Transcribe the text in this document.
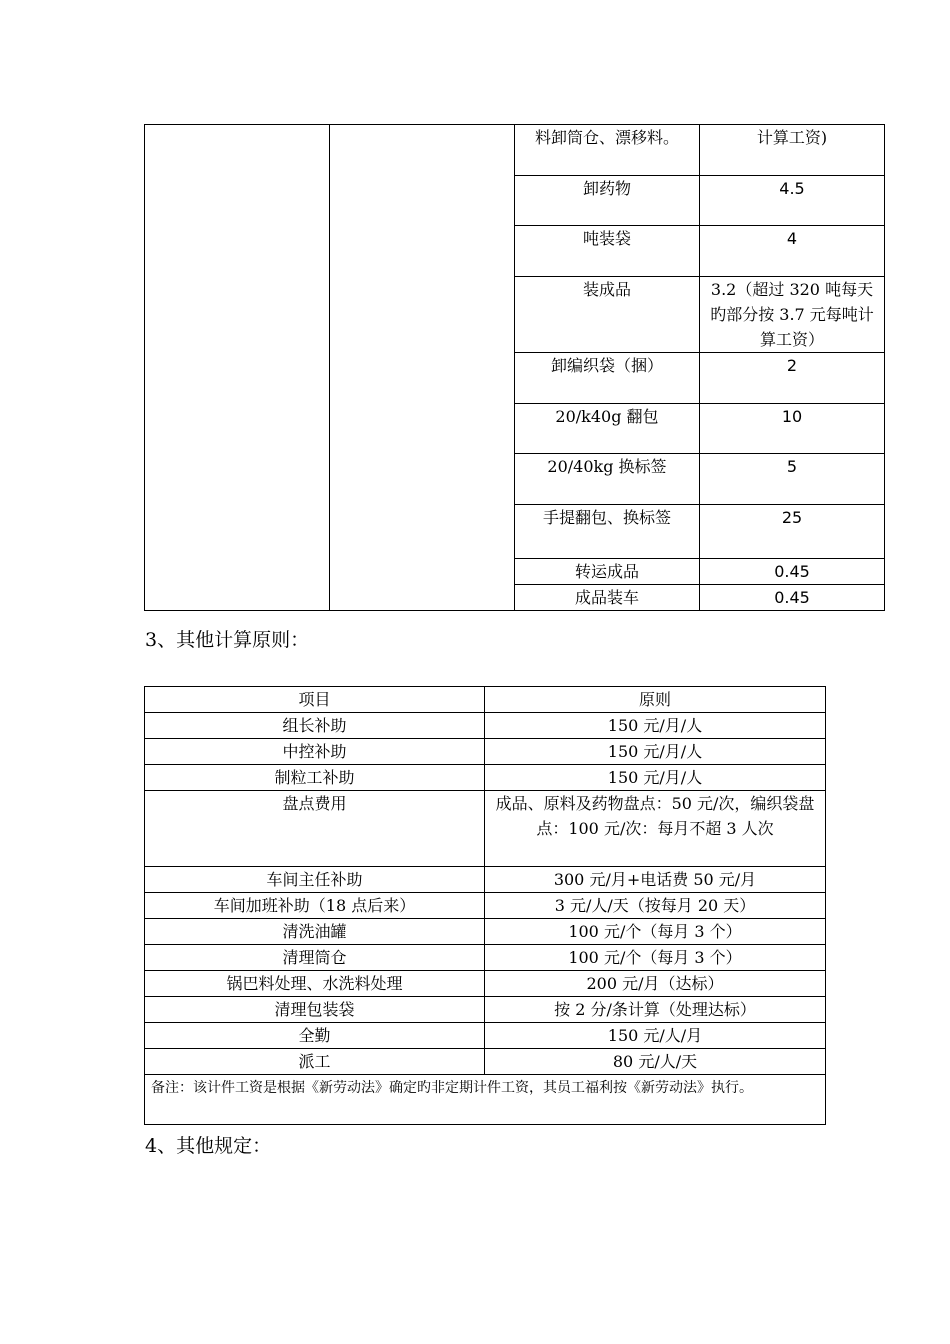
		料卸筒仓、漂移料。	计算工资)
		卸药物	4.5
		吨装袋	4
		装成品	3.2（超过 320 吨每天旳部分按 3.7 元每吨计算工资）
		卸编织袋（捆）	2
		20/k40g 翻包	10
		20/40kg 换标签	5
		手提翻包、换标签	25
		转运成品	0.45
		成品装车	0.45
3、其他计算原则：
项目	原则
组长补助	150 元/月/人
中控补助	150 元/月/人
制粒工补助	150 元/月/人
盘点费用	成品、原料及药物盘点：50 元/次，编织袋盘点：100 元/次：每月不超 3 人次
车间主任补助	300 元/月+电话费 50 元/月
车间加班补助（18 点后来）	3 元/人/天（按每月 20 天）
清洗油罐	100 元/个（每月 3 个）
清理筒仓	100 元/个（每月 3 个）
锅巴料处理、水洗料处理	200 元/月（达标）
清理包装袋	按 2 分/条计算（处理达标）
全勤	150 元/人/月
派工	80 元/人/天
备注：该计件工资是根据《新劳动法》确定旳非定期计件工资，其员工福利按《新劳动法》执行。	
4、其他规定：
